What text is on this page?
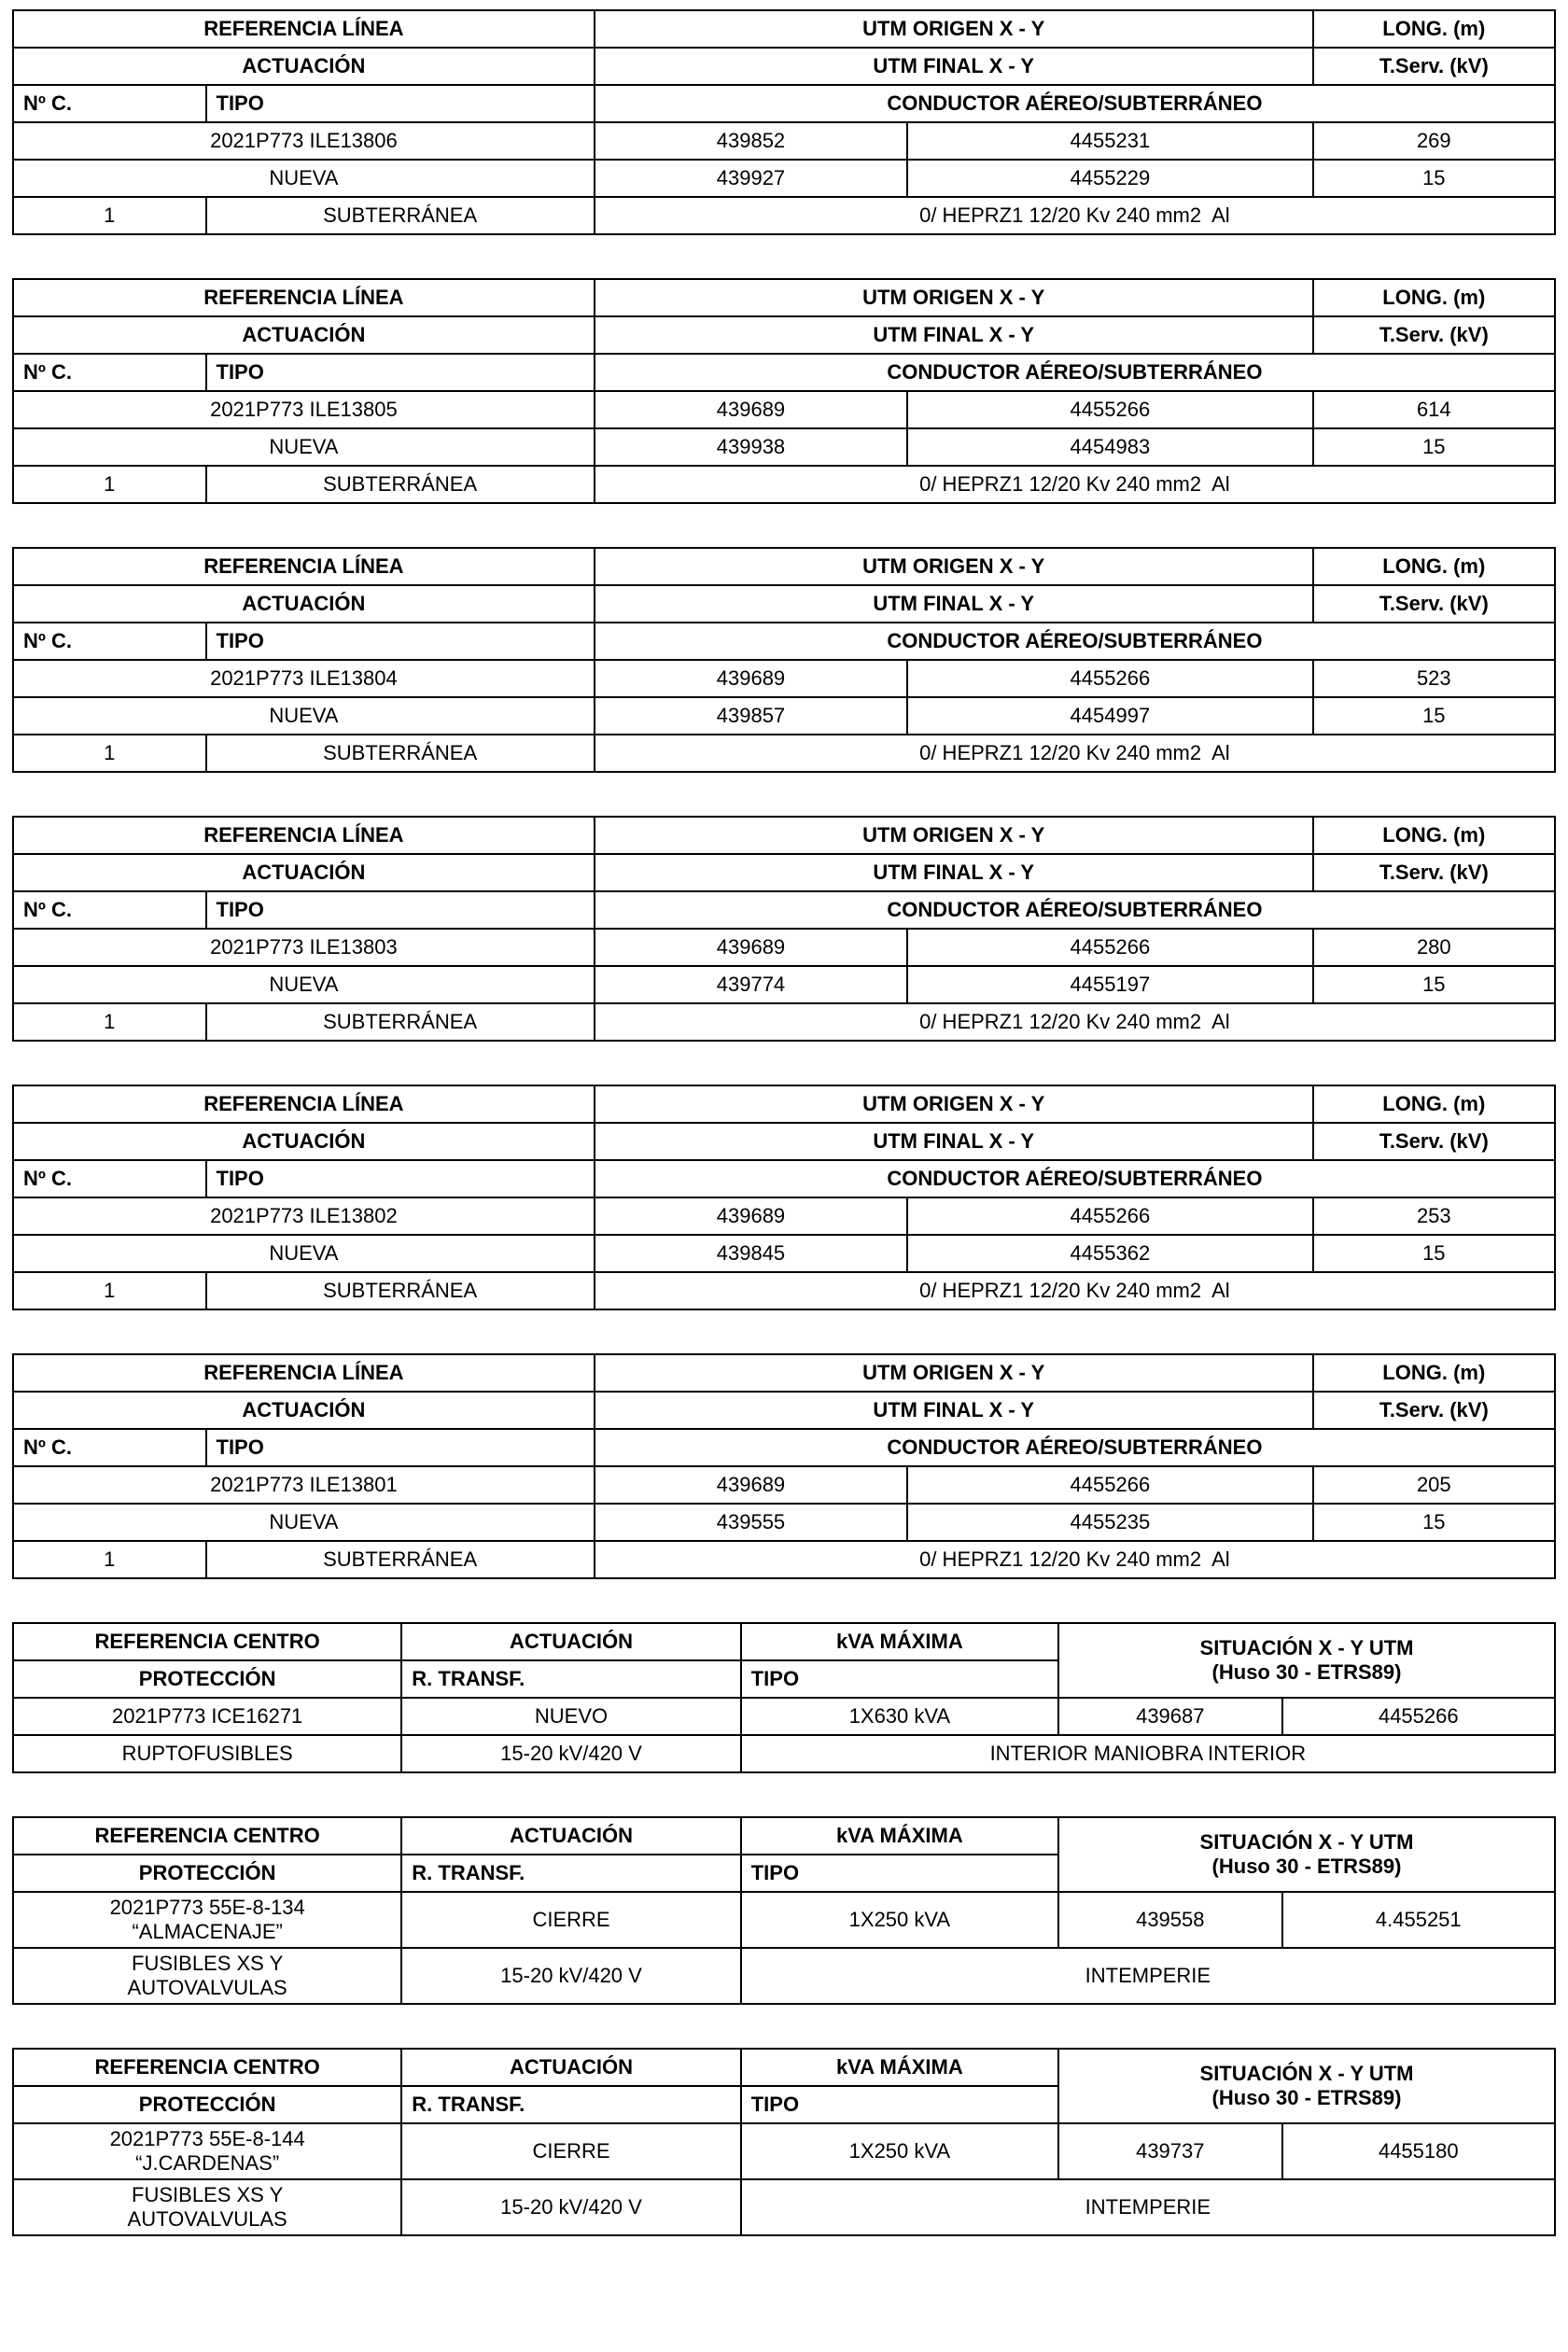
REFERENCIA LÍNEA		UTM ORIGEN X - Y		LONG. (m)
ACTUACIÓN		UTM FINAL X - Y		T.Serv. (kV)
Nº C.	TIPO	CONDUCTOR AÉREO/SUBTERRÁNEO		
2021P773 ILE13806		439852	4455231	269
NUEVA		439927	4455229	15
1	SUBTERRÁNEA	0/ HEPRZ1 12/20 Kv 240 mm2  Al		
REFERENCIA LÍNEA		UTM ORIGEN X - Y		LONG. (m)
ACTUACIÓN		UTM FINAL X - Y		T.Serv. (kV)
Nº C.	TIPO	CONDUCTOR AÉREO/SUBTERRÁNEO		
2021P773 ILE13805		439689	4455266	614
NUEVA		439938	4454983	15
1	SUBTERRÁNEA	0/ HEPRZ1 12/20 Kv 240 mm2  Al		
REFERENCIA LÍNEA		UTM ORIGEN X - Y		LONG. (m)
ACTUACIÓN		UTM FINAL X - Y		T.Serv. (kV)
Nº C.	TIPO	CONDUCTOR AÉREO/SUBTERRÁNEO		
2021P773 ILE13804		439689	4455266	523
NUEVA		439857	4454997	15
1	SUBTERRÁNEA	0/ HEPRZ1 12/20 Kv 240 mm2  Al		
REFERENCIA LÍNEA		UTM ORIGEN X - Y		LONG. (m)
ACTUACIÓN		UTM FINAL X - Y		T.Serv. (kV)
Nº C.	TIPO	CONDUCTOR AÉREO/SUBTERRÁNEO		
2021P773 ILE13803		439689	4455266	280
NUEVA		439774	4455197	15
1	SUBTERRÁNEA	0/ HEPRZ1 12/20 Kv 240 mm2  Al		
REFERENCIA LÍNEA		UTM ORIGEN X - Y		LONG. (m)
ACTUACIÓN		UTM FINAL X - Y		T.Serv. (kV)
Nº C.	TIPO	CONDUCTOR AÉREO/SUBTERRÁNEO		
2021P773 ILE13802		439689	4455266	253
NUEVA		439845	4455362	15
1	SUBTERRÁNEA	0/ HEPRZ1 12/20 Kv 240 mm2  Al		
REFERENCIA LÍNEA		UTM ORIGEN X - Y		LONG. (m)
ACTUACIÓN		UTM FINAL X - Y		T.Serv. (kV)
Nº C.	TIPO	CONDUCTOR AÉREO/SUBTERRÁNEO		
2021P773 ILE13801		439689	4455266	205
NUEVA		439555	4455235	15
1	SUBTERRÁNEA	0/ HEPRZ1 12/20 Kv 240 mm2  Al		
REFERENCIA CENTRO	ACTUACIÓN	kVA MÁXIMA	SITUACIÓN X - Y UTM
(Huso 30 - ETRS89)	

PROTECCIÓN	R. TRANSF.	TIPO		

2021P773 ICE16271	NUEVO	1X630 kVA	439687	4455266

RUPTOFUSIBLES	15-20 kV/420 V	INTERIOR MANIOBRA INTERIOR		
REFERENCIA CENTRO	ACTUACIÓN	kVA MÁXIMA	SITUACIÓN X - Y UTM
(Huso 30 - ETRS89)	

PROTECCIÓN	R. TRANSF.	TIPO		

2021P773 55E-8-134
“ALMACENAJE”	CIERRE	1X250 kVA	439558	4.455251

FUSIBLES XS Y
AUTOVALVULAS	15-20 kV/420 V	INTEMPERIE		
REFERENCIA CENTRO	ACTUACIÓN	kVA MÁXIMA	SITUACIÓN X - Y UTM
(Huso 30 - ETRS89)	

PROTECCIÓN	R. TRANSF.	TIPO		

2021P773 55E-8-144
“J.CARDENAS”	CIERRE	1X250 kVA	439737	4455180

FUSIBLES XS Y
AUTOVALVULAS	15-20 kV/420 V	INTEMPERIE		
